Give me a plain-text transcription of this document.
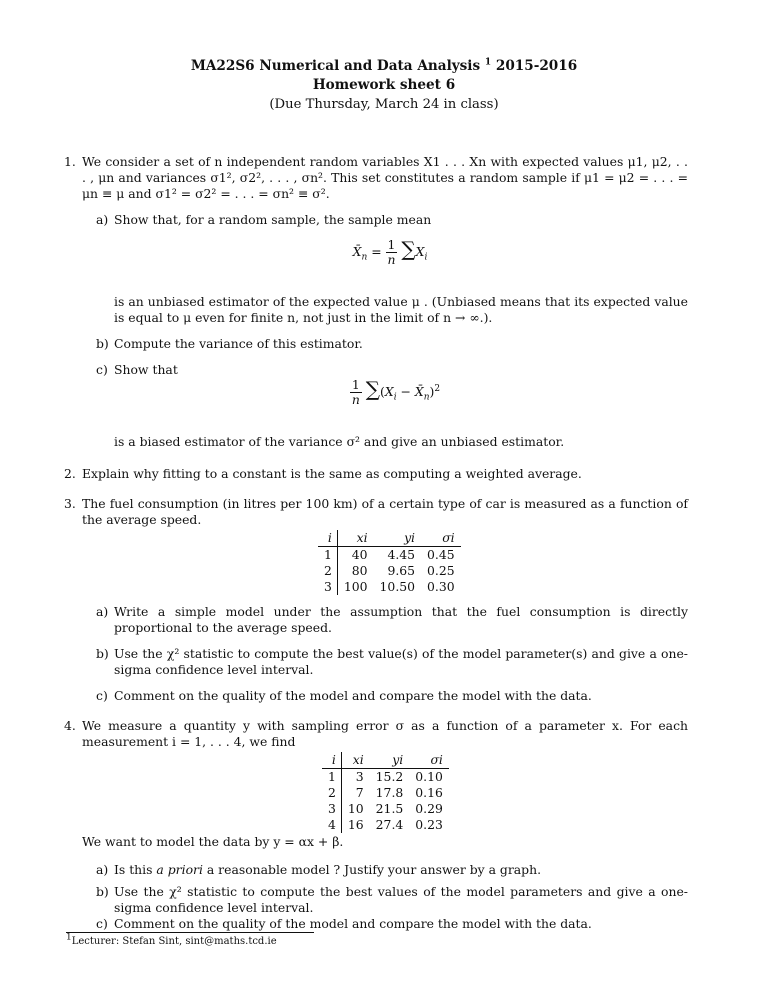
MA22S6 Numerical and Data Analysis $^1$ 2015-2016
Homework sheet 6
(Due Thursday, March 24 in class)
1. We consider a set of n independent random variables X1 . . . Xn with expected values μ1, μ2, . . . , μn and variances σ1², σ2², . . . , σn². This set constitutes a random sample if μ1 = μ2 = . . . = μn ≡ μ and σ1² = σ2² = . . . = σn² ≡ σ².
a) Show that, for a random sample, the sample mean
$X̄_n = \frac{1}{n} \sum X_i$
is an unbiased estimator of the expected value μ . (Unbiased means that its expected value is equal to μ even for finite n, not just in the limit of n → ∞.).
b) Compute the variance of this estimator.
c) Show that
$\frac{1}{n} \sum(X_i$ − $X̄_n)^2$
is a biased estimator of the variance σ² and give an unbiased estimator.
2. Explain why fitting to a constant is the same as computing a weighted average.
3. The fuel consumption (in litres per 100 km) of a certain type of car is measured as a function of the average speed.
i	xi	yi	σi
1	40	4.45	0.45
2	80	9.65	0.25
3	100	10.50	0.30
a) Write a simple model under the assumption that the fuel consumption is directly proportional to the average speed.
b) Use the χ² statistic to compute the best value(s) of the model parameter(s) and give a one-sigma confidence level interval.
c) Comment on the quality of the model and compare the model with the data.
4. We measure a quantity y with sampling error σ as a function of a parameter x. For each measurement i = 1, . . . 4, we find
i	xi	yi	σi
1	3	15.2	0.10
2	7	17.8	0.16
3	10	21.5	0.29
4	16	27.4	0.23
We want to model the data by y = αx + β.
a) Is this a priori a reasonable model ? Justify your answer by a graph.
b) Use the χ² statistic to compute the best values of the model parameters and give a one-sigma confidence level interval.
c) Comment on the quality of the model and compare the model with the data.
$^1$Lecturer: Stefan Sint, sint@maths.tcd.ie
